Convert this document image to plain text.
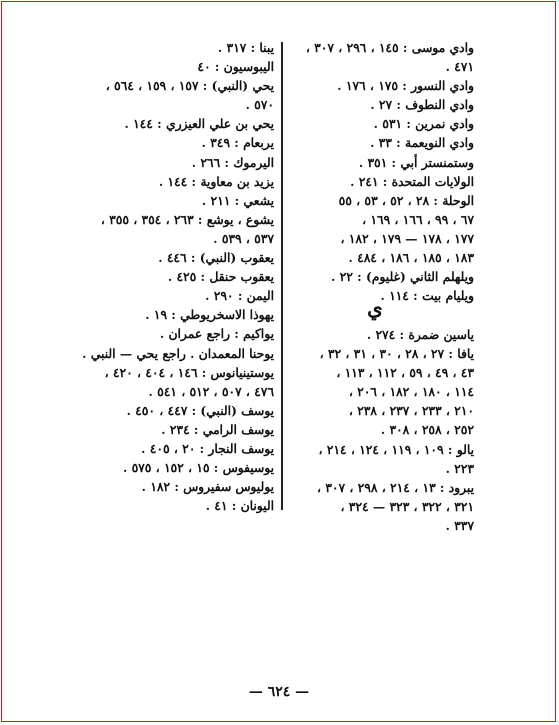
وادي موسى : ١٤٥ ، ٢٩٦ ، ٣٠٧ ،
٤٧١ .
وادي النسور : ١٧٥ ، ١٧٦ .
وادي النطوف : ٢٧ .
وادي نمرين : ٥٣١ .
وادي النويعمة : ٣٣ .
وستمنستر أبي : ٣٥١ .
الولايات المتحدة : ٢٤١ .
الوحلة : ٢٨ ، ٥٢ ، ٥٣ ، ٥٥
٦٧ ، ٩٩ ، ١٦٦ ، ١٦٩ ،
١٧٧ ، ١٧٨ — ١٧٩ ، ١٨٢ ،
١٨٣ ، ١٨٥ ، ١٨٦ ، ٤٨٤ .
ويلهلم الثاني (غليوم) : ٢٢ .
ويليام بيت : ١١٤ .
ي
ياسين ضمرة : ٢٧٤ .
يافا : ٢٧ ، ٢٨ ، ٣٠ ، ٣١ ، ٣٢ ،
٤٣ ، ٤٩ ، ٥٩ ، ١١٢ ، ١١٣ ،
١١٤ ، ١٨٠ ، ١٨٢ ، ٢٠٦ ،
٢١٠ ، ٢٣٣ ، ٢٣٧ ، ٢٣٨ ،
٢٥٢ ، ٢٥٨ ، ٣٠٨ .
يالو : ١٠٩ ، ١١٩ ، ١٢٤ ، ٢١٤ ،
٢٢٣ .
يبرود : ١٣ ، ٢١٤ ، ٢٩٨ ، ٣٠٧ ،
٣٢١ ، ٣٢٢ ، ٣٢٣ — ٣٢٤ ،
٣٣٧ .
يبنا : ٣١٧ .
اليبوسيون : ٤٠
يحي (النبي) : ١٥٧ ، ١٥٩ ، ٥٦٤ ،
٥٧٠ .
يحي بن علي العيزري : ١٤٤ .
يربعام : ٣٤٩ .
اليرموك : ٢٦٦ .
يزيد بن معاوية : ١٤٤ .
يشعي : ٢١١ .
يشوع ، يوشع : ٢٦٣ ، ٣٥٤ ، ٣٥٥ ،
٥٣٧ ، ٥٣٩ .
يعقوب (النبي) : ٤٤٦ .
يعقوب حنقل : ٤٢٥ .
اليمن : ٢٩٠ .
يهوذا الاسخريوطي : ١٩ .
يواكيم : راجع عمران .
يوحنا المعمدان . راجع يحي — النبي .
يوستينيانوس : ١٤٦ ، ٤٠٤ ، ٤٢٠ ،
٤٧٦ ، ٥٠٧ ، ٥١٢ ، ٥٤١ .
يوسف (النبي) : ٤٤٧ ، ٤٥٠ .
يوسف الرامي : ٢٣٤ .
يوسف النجار : ٢٠ ، ٤٠٥ .
يوسيفوس : ١٥ ، ١٥٢ ، ٥٧٥ .
يوليوس سفيروس : ١٨٢ .
اليونان : ٤١ .
— ٦٢٤ —
